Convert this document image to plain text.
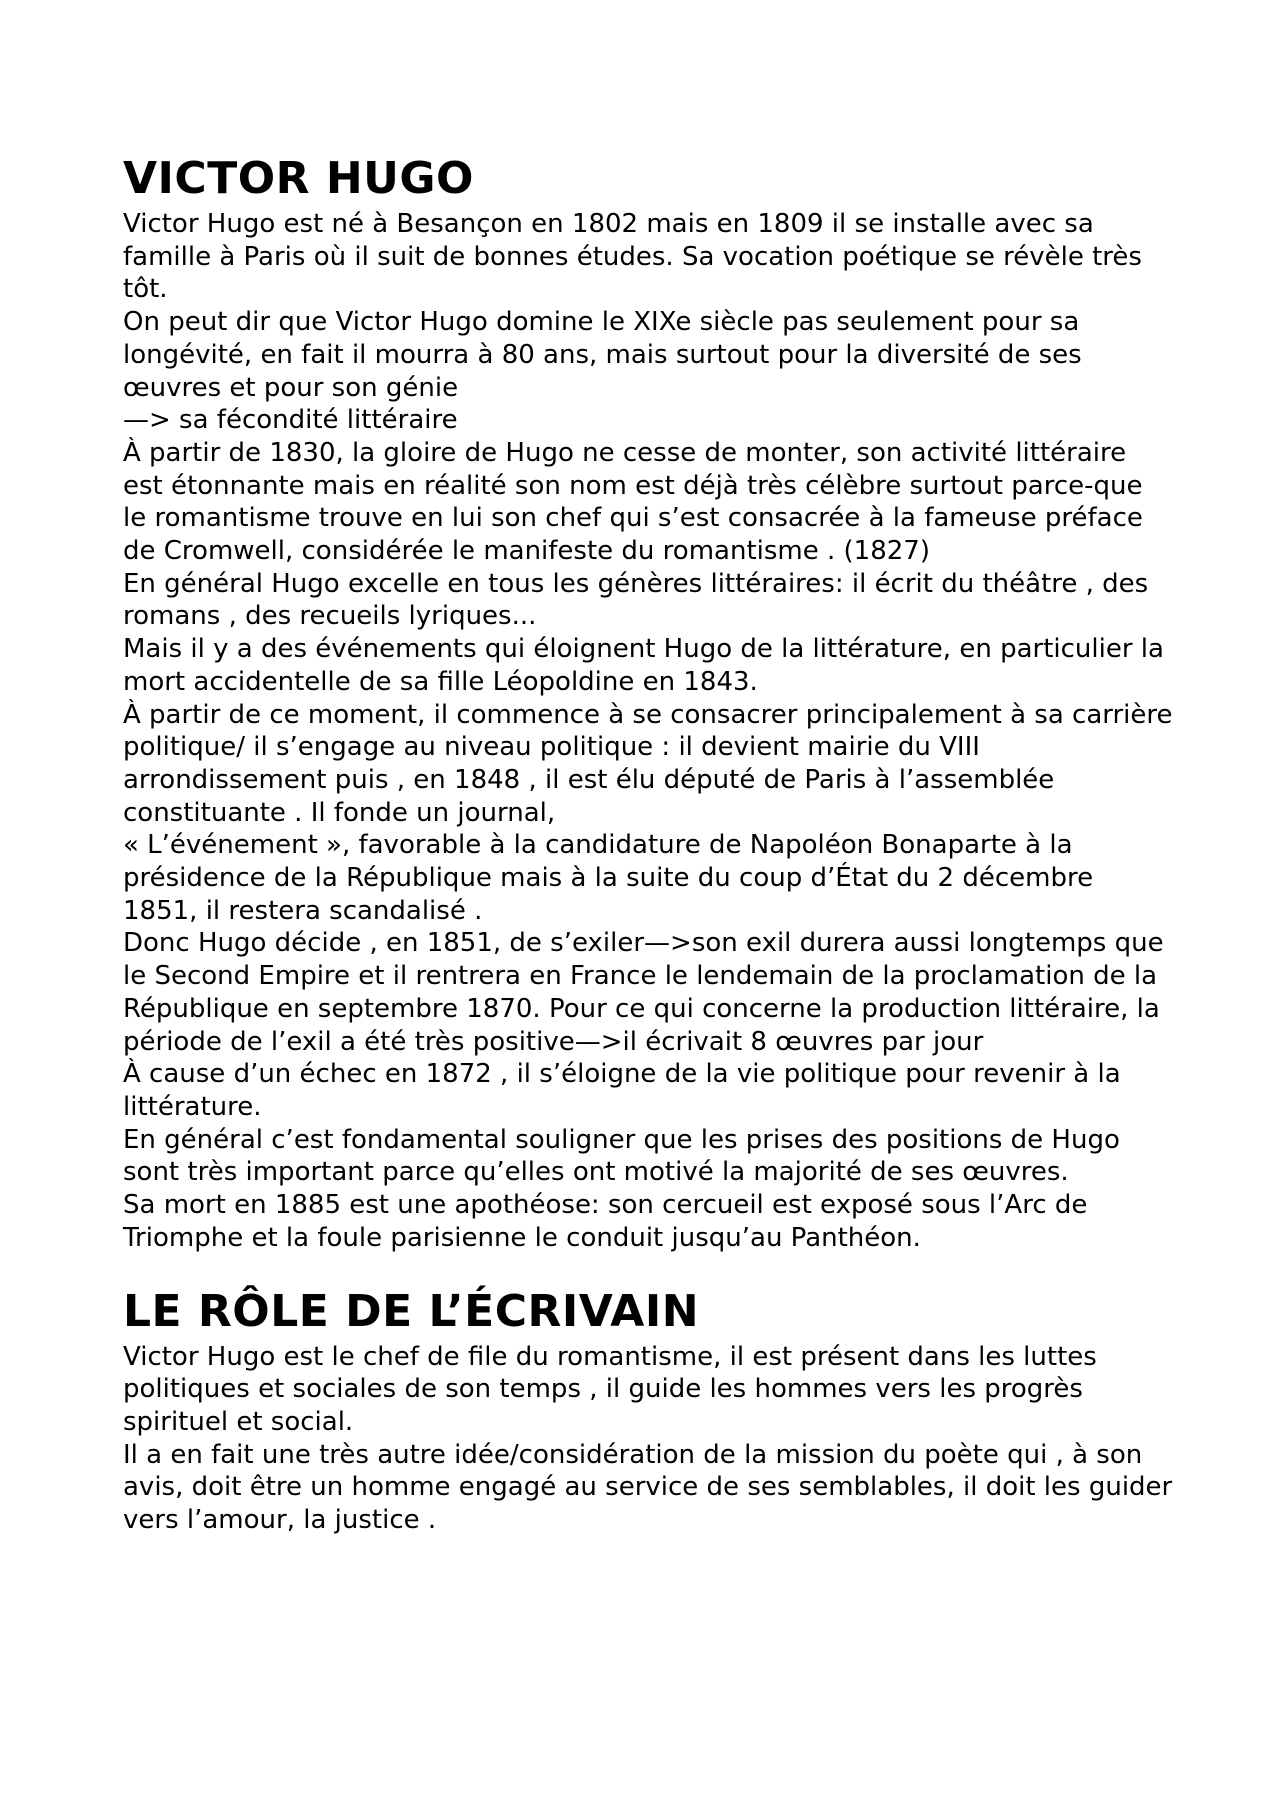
VICTOR HUGO

Victor Hugo est né à Besançon en 1802 mais en 1809 il se installe avec sa famille à Paris où il suit de bonnes études. Sa vocation poétique se révèle très tôt.

On peut dir que Victor Hugo domine le XIXe siècle pas seulement pour sa longévité, en fait il mourra à 80 ans, mais surtout pour la diversité de ses œuvres et pour son génie

—> sa fécondité littéraire

À partir de 1830, la gloire de Hugo ne cesse de monter, son activité littéraire est étonnante mais en réalité son nom est déjà très célèbre surtout parce-que le romantisme trouve en lui son chef qui s’est consacrée à la fameuse préface de Cromwell, considérée le manifeste du romantisme . (1827)

En général Hugo excelle en tous les génères littéraires: il écrit du théâtre , des romans , des recueils lyriques...

Mais il y a des événements qui éloignent Hugo de la littérature, en particulier la mort accidentelle de sa fille Léopoldine en 1843.

À partir de ce moment, il commence à se consacrer principalement à sa carrière politique/ il s’engage au niveau politique : il devient mairie du VIII arrondissement puis , en 1848 , il est élu député de Paris à l’assemblée constituante . Il fonde un journal,

« L’événement », favorable à la candidature de Napoléon Bonaparte à la présidence de la République mais à la suite du coup d’État du 2 décembre 1851, il restera scandalisé .

Donc Hugo décide , en 1851, de s’exiler—>son exil durera aussi longtemps que le Second Empire et il rentrera en France le lendemain de la proclamation de la République en septembre 1870. Pour ce qui concerne la production littéraire, la période de l’exil a été très positive—>il écrivait 8 œuvres par jour

À cause d’un échec en 1872 , il s’éloigne de la vie politique pour revenir à la littérature.

En général c’est fondamental souligner que les prises des positions de Hugo sont très important parce qu’elles ont motivé la majorité de ses œuvres.

Sa mort en 1885 est une apothéose: son cercueil est exposé sous l’Arc de Triomphe et la foule parisienne le conduit jusqu’au Panthéon.

LE RÔLE DE L’ÉCRIVAIN

Victor Hugo est le chef de file du romantisme, il est présent dans les luttes politiques et sociales de son temps , il guide les hommes vers les progrès spirituel et social.

Il a en fait une très autre idée/considération de la mission du poète qui , à son avis, doit être un homme engagé au service de ses semblables, il doit les guider vers l’amour, la justice .
